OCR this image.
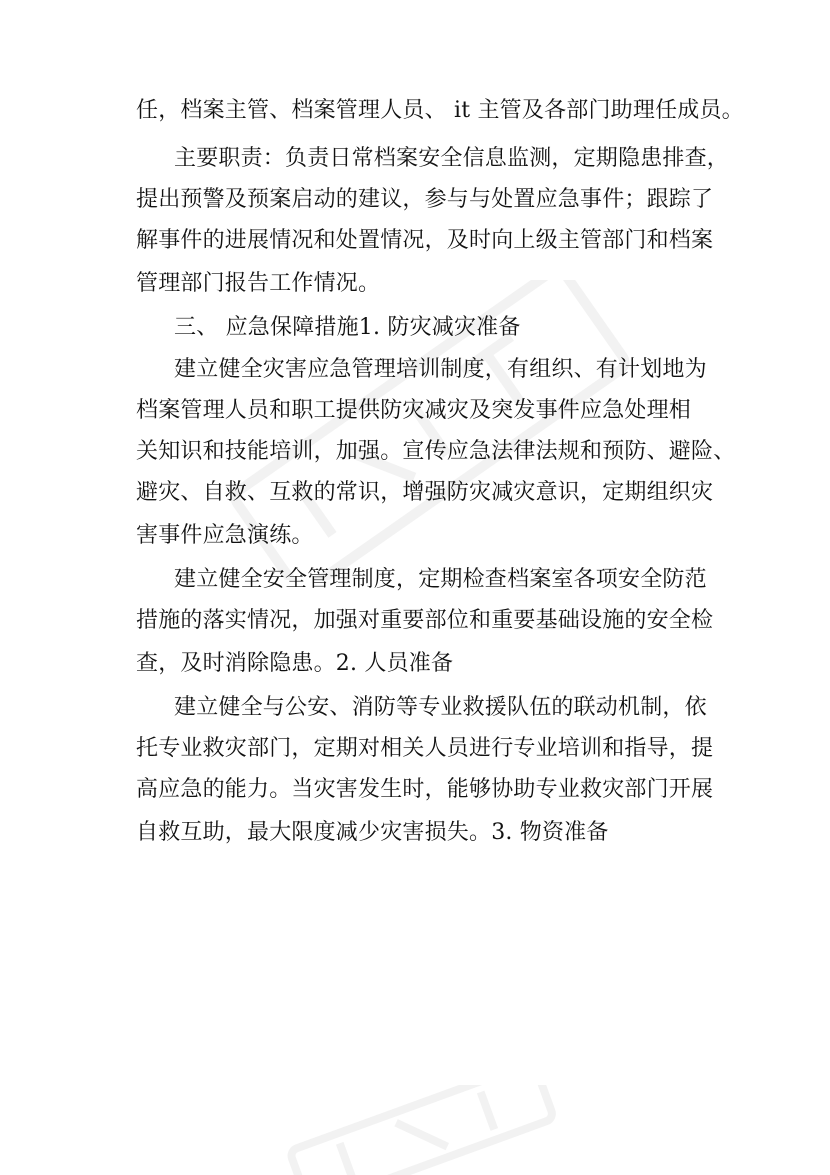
任，档案主管、档案管理人员、 it 主管及各部门助理任成员。
主要职责：负责日常档案安全信息监测，定期隐患排查，
提出预警及预案启动的建议，参与与处置应急事件；跟踪了
解事件的进展情况和处置情况，及时向上级主管部门和档案
管理部门报告工作情况。
三、 应急保障措施1. 防灾减灾准备
建立健全灾害应急管理培训制度，有组织、有计划地为
档案管理人员和职工提供防灾减灾及突发事件应急处理相
关知识和技能培训，加强。宣传应急法律法规和预防、避险、
避灾、自救、互救的常识，增强防灾减灾意识，定期组织灾
害事件应急演练。
建立健全安全管理制度，定期检查档案室各项安全防范
措施的落实情况，加强对重要部位和重要基础设施的安全检
查，及时消除隐患。2. 人员准备
建立健全与公安、消防等专业救援队伍的联动机制，依
托专业救灾部门，定期对相关人员进行专业培训和指导，提
高应急的能力。当灾害发生时，能够协助专业救灾部门开展
自救互助，最大限度减少灾害损失。3. 物资准备
